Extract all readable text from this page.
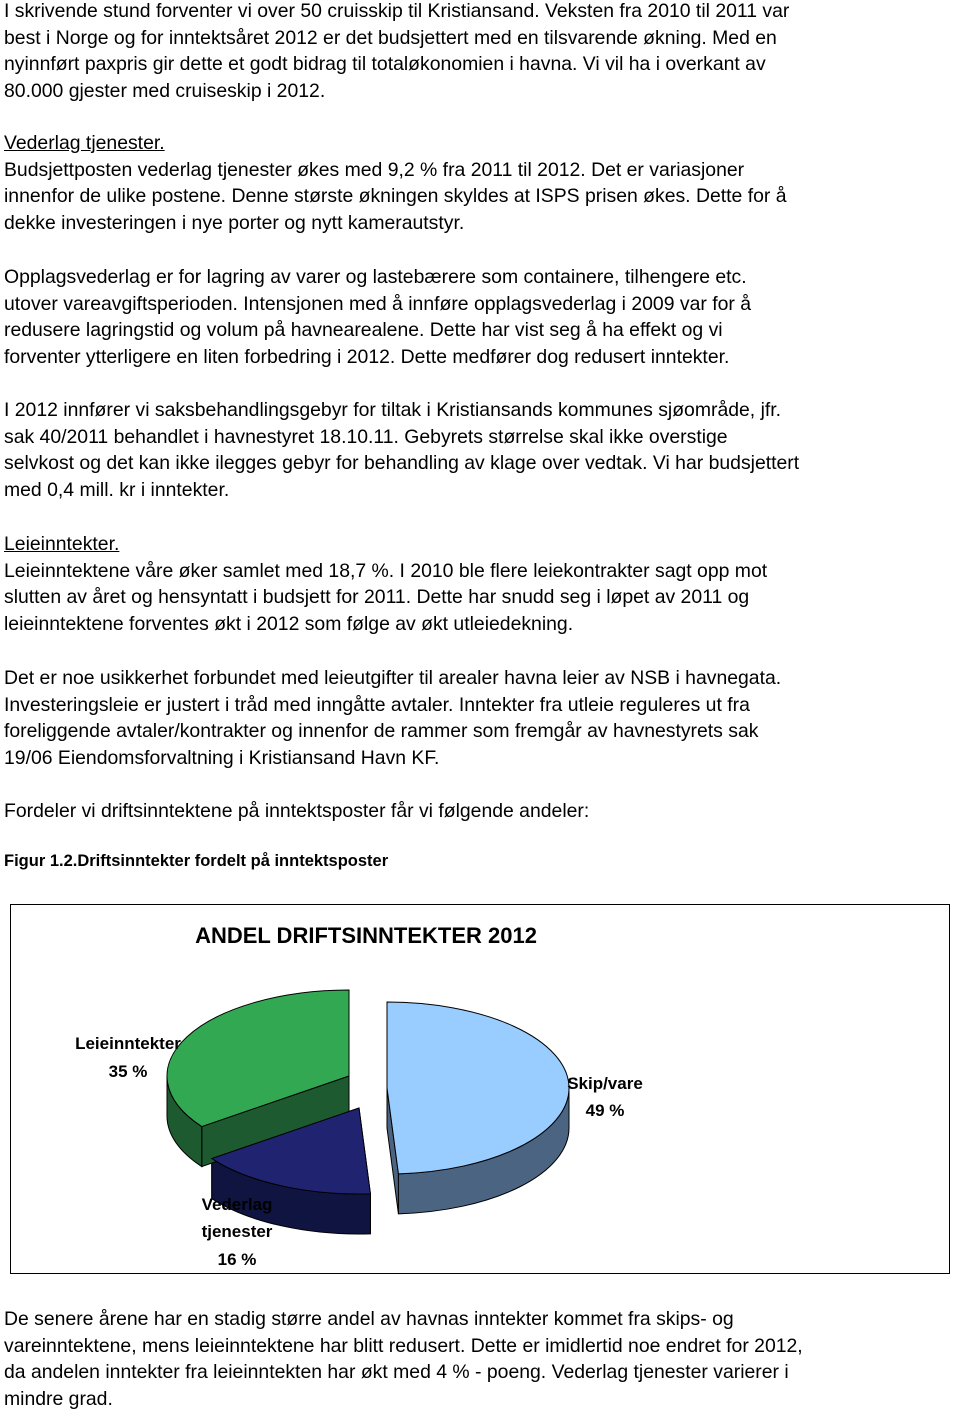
I skrivende stund forventer vi over 50 cruisskip til Kristiansand. Veksten fra 2010 til 2011 var

best i Norge og for inntektsåret 2012 er det budsjettert med en tilsvarende økning. Med en

nyinnført paxpris gir dette et godt bidrag til totaløkonomien i havna. Vi vil ha i overkant av

80.000 gjester med cruiseskip i 2012.

Vederlag tjenester.

Budsjettposten vederlag tjenester økes med 9,2 % fra 2011 til 2012. Det er variasjoner

innenfor de ulike postene. Denne største økningen skyldes at ISPS prisen økes. Dette for å

dekke investeringen i nye porter og nytt kamerautstyr.

Opplagsvederlag er for lagring av varer og lastebærere som containere, tilhengere etc.

utover vareavgiftsperioden. Intensjonen med å innføre opplagsvederlag i 2009 var for å

redusere lagringstid og volum på havnearealene. Dette har vist seg å ha effekt og vi

forventer ytterligere en liten forbedring i 2012. Dette medfører dog redusert inntekter.

I 2012 innfører vi saksbehandlingsgebyr for tiltak i Kristiansands kommunes sjøområde, jfr.

sak 40/2011 behandlet i havnestyret 18.10.11. Gebyrets størrelse skal ikke overstige

selvkost og det kan ikke ilegges gebyr for behandling av klage over vedtak. Vi har budsjettert

med 0,4 mill. kr i inntekter.

Leieinntekter.

Leieinntektene våre øker samlet med 18,7 %. I 2010 ble flere leiekontrakter sagt opp mot

slutten av året og hensyntatt i budsjett for 2011. Dette har snudd seg i løpet av 2011 og

leieinntektene forventes økt i 2012 som følge av økt utleiedekning.

Det er noe usikkerhet forbundet med leieutgifter til arealer havna leier av NSB i havnegata.

Investeringsleie er justert i tråd med inngåtte avtaler. Inntekter fra utleie reguleres ut fra

foreliggende avtaler/kontrakter og innenfor de rammer som fremgår av havnestyrets sak

19/06 Eiendomsforvaltning i Kristiansand Havn KF.

Fordeler vi driftsinntektene på inntektsposter får vi følgende andeler:

Figur 1.2.Driftsinntekter fordelt på inntektsposter

ANDEL DRIFTSINNTEKTER 2012
Leieinntekter
35 %
Skip/vare
49 %
Vederlag
tjenester
16 %

De senere årene har en stadig større andel av havnas inntekter kommet fra skips- og

vareinntektene, mens leieinntektene har blitt redusert. Dette er imidlertid noe endret for 2012,

da andelen inntekter fra leieinntekten har økt med 4 % - poeng. Vederlag tjenester varierer i

mindre grad.
